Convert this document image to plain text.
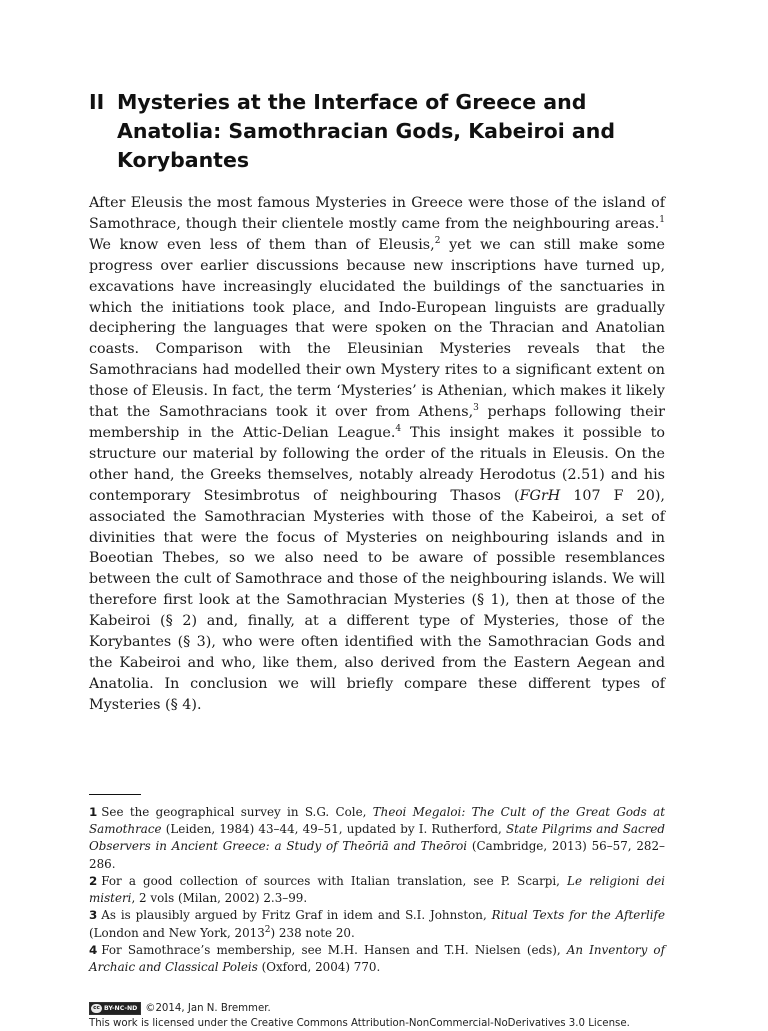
II Mysteries at the Interface of Greece and Anatolia: Samothracian Gods, Kabeiroi and Korybantes

After Eleusis the most famous Mysteries in Greece were those of the island of Samothrace, though their clientele mostly came from the neighbouring areas.$^1$ We know even less of them than of Eleusis,$^2$ yet we can still make some progress over earlier discussions because new inscriptions have turned up, excavations have increasingly elucidated the buildings of the sanctuaries in which the initiations took place, and Indo-European linguists are gradually deciphering the languages that were spoken on the Thracian and Anatolian coasts. Comparison with the Eleusinian Mysteries reveals that the Samothracians had modelled their own Mystery rites to a significant extent on those of Eleusis. In fact, the term ‘Mysteries’ is Athenian, which makes it likely that the Samothracians took it over from Athens,$^3$ perhaps following their membership in the Attic-Delian League.$^4$ This insight makes it possible to structure our material by following the order of the rituals in Eleusis. On the other hand, the Greeks themselves, notably already Herodotus (2.51) and his contemporary Stesimbrotus of neighbouring Thasos (FGrH 107 F 20), associated the Samothracian Mysteries with those of the Kabeiroi, a set of divinities that were the focus of Mysteries on neighbouring islands and in Boeotian Thebes, so we also need to be aware of possible resemblances between the cult of Samothrace and those of the neighbouring islands. We will therefore first look at the Samothracian Mysteries (§ 1), then at those of the Kabeiroi (§ 2) and, finally, at a different type of Mysteries, those of the Korybantes (§ 3), who were often identified with the Samothracian Gods and the Kabeiroi and who, like them, also derived from the Eastern Aegean and Anatolia. In conclusion we will briefly compare these different types of Mysteries (§ 4).

1 See the geographical survey in S.G. Cole, Theoi Megaloi: The Cult of the Great Gods at Samothrace (Leiden, 1984) 43–44, 49–51, updated by I. Rutherford, State Pilgrims and Sacred Observers in Ancient Greece: a Study of Theōriā and Theōroi (Cambridge, 2013) 56–57, 282–286.

2 For a good collection of sources with Italian translation, see P. Scarpi, Le religioni dei misteri, 2 vols (Milan, 2002) 2.3–99.

3 As is plausibly argued by Fritz Graf in idem and S.I. Johnston, Ritual Texts for the Afterlife (London and New York, 2013$^2$) 238 note 20.

4 For Samothrace’s membership, see M.H. Hansen and T.H. Nielsen (eds), An Inventory of Archaic and Classical Poleis (Oxford, 2004) 770.

cc BY-NC-ND ©2014, Jan N. Bremmer.
This work is licensed under the Creative Commons Attribution-NonCommercial-NoDerivatives 3.0 License.
